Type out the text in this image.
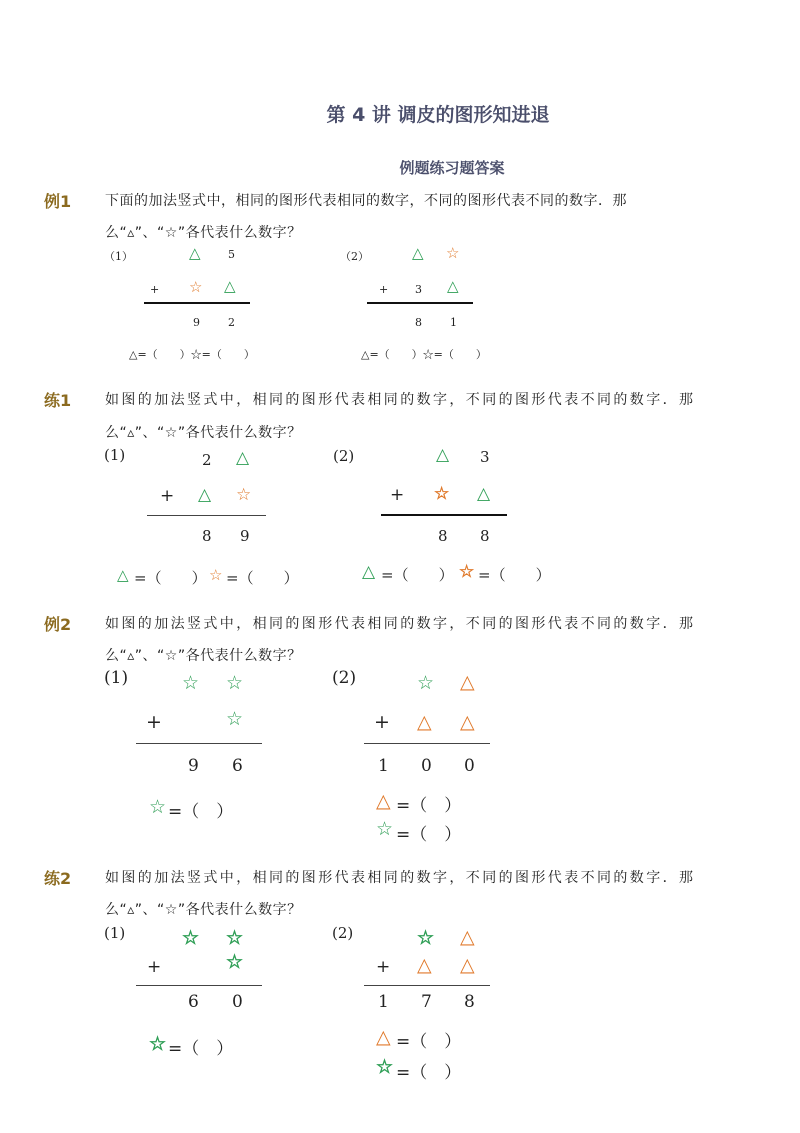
第 4 讲 调皮的图形知进退
例题练习题答案
例1 下面的加法竖式中，相同的图形代表相同的数字，不同的图形代表不同的数字．那
么“▵”、“☆”各代表什么数字？
（1）	△ 5
+ ☆ △
9	2
△=（　　）☆=（　　）
（2）	△ ☆
+ 3 △
8	1
△=（　　）☆=（　　）
练1 如图的加法竖式中，相同的图形代表相同的数字，不同的图形代表不同的数字．那
么“▵”、“☆”各代表什么数字？
(1)	2 △
+ △ ☆
8 9
△ =（　　） ☆ =（　　）
(2)	△ 3
+ ☆ △
8 8
△ =（　　） ☆ =（　　）
例2 如图的加法竖式中，相同的图形代表相同的数字，不同的图形代表不同的数字．那
么“▵”、“☆”各代表什么数字？
(1)	☆ ☆
+	☆
9 6
☆ =（　）
(2)	☆ △
+ △ △
1 0 0
△ =（　）
☆ =（　）
练2 如图的加法竖式中，相同的图形代表相同的数字，不同的图形代表不同的数字．那
么“▵”、“☆”各代表什么数字？
(1)	☆ ☆
+	☆
6 0
☆ =（　）
(2)	☆ △
+ △ △
1 7 8
△ =（　）
☆ =（　）
